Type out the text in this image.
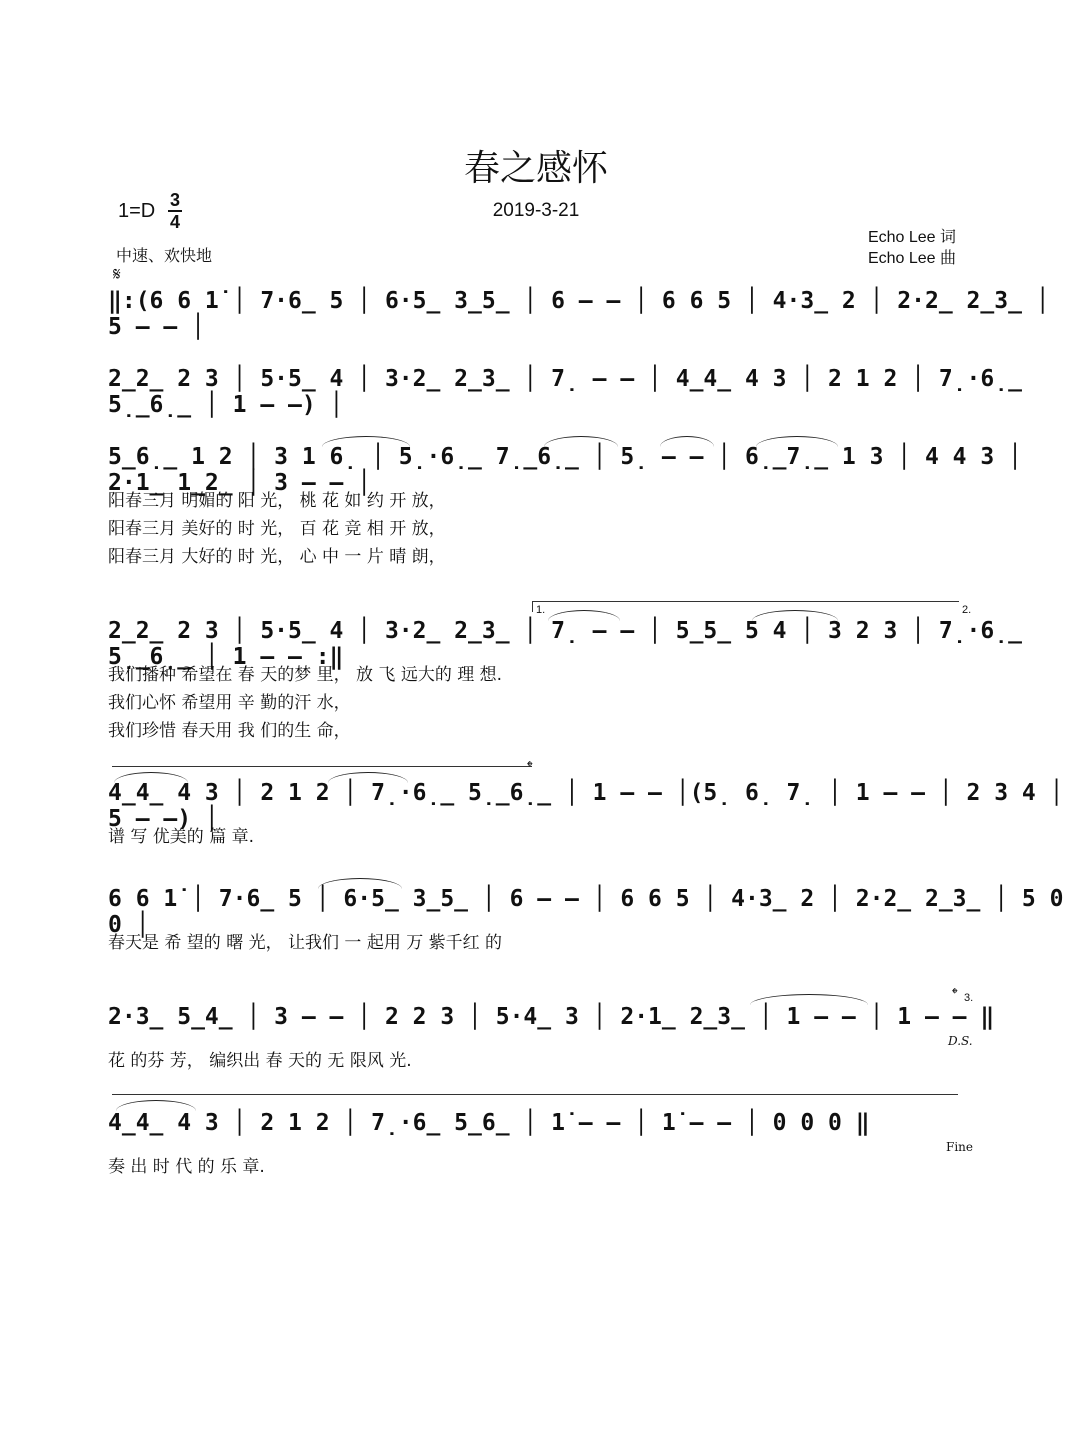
春之感怀
2019-3-21
1=D 3
4
中速、欢快地
Echo Lee 词
Echo Lee 曲
𝄋
‖:(6 6 1̇ │ 7·6̲ 5 │ 6·5̲ 3̲5̲ │ 6 – – │ 6 6 5 │ 4·3̲ 2 │ 2·2̲ 2̲3̲ │ 5 – – │
2̲2̲ 2 3 │ 5·5̲ 4 │ 3·2̲ 2̲3̲ │ 7̣ – – │ 4̲4̲ 4 3 │ 2 1 2 │ 7̣·6̣̲ 5̣̲6̣̲ │ 1 – –) │
5̲6̣̲ 1 2 │ 3 1 6̣ │ 5̣·6̣̲ 7̣̲6̣̲ │ 5̣ – – │ 6̣̲7̣̲ 1 3 │ 4 4 3 │ 2·1̲ 1̲2̲ │ 3 – – │
阳春三月 明媚的 阳 光， 桃 花 如 约 开 放，
阳春三月 美好的 时 光， 百 花 竞 相 开 放，
阳春三月 大好的 时 光， 心 中 一 片 晴 朗，
1.	2.
2̲2̲ 2 3 │ 5·5̲ 4 │ 3·2̲ 2̲3̲ │ 7̣ – – │ 5̲5̲ 5 4 │ 3 2 3 │ 7̣·6̣̲ 5̣̲6̣̲ │ 1 – – :‖
我们播种 希望在 春 天的梦 里， 放 飞 远大的 理 想.
我们心怀 希望用 辛 勤的汗 水，
我们珍惜 春天用 我 们的生 命，
𝄌
4̲4̲ 4 3 │ 2 1 2 │ 7̣·6̣̲ 5̣̲6̣̲ │ 1 – – │(5̣ 6̣ 7̣ │ 1 – – │ 2 3 4 │ 5 – –) │
谱 写 优美的 篇 章.
6 6 1̇ │ 7·6̲ 5 │ 6·5̲ 3̲5̲ │ 6 – – │ 6 6 5 │ 4·3̲ 2 │ 2·2̲ 2̲3̲ │ 5 0 0 │
春天是 希 望的 曙 光， 让我们 一 起用 万 紫千红 的
𝄌 3.
2·3̲ 5̲4̲ │ 3 – – │ 2 2 3 │ 5·4̲ 3 │ 2·1̲ 2̲3̲ │ 1 – – │ 1 – – ‖
D.S.
花 的芬 芳， 编织出 春 天的 无 限风 光.
4̲4̲ 4 3 │ 2 1 2 │ 7̣·6̲ 5̲6̲ │ 1̇ – – │ 1̇ – – │ 0 0 0 ‖
Fine
奏 出 时 代 的 乐 章.
